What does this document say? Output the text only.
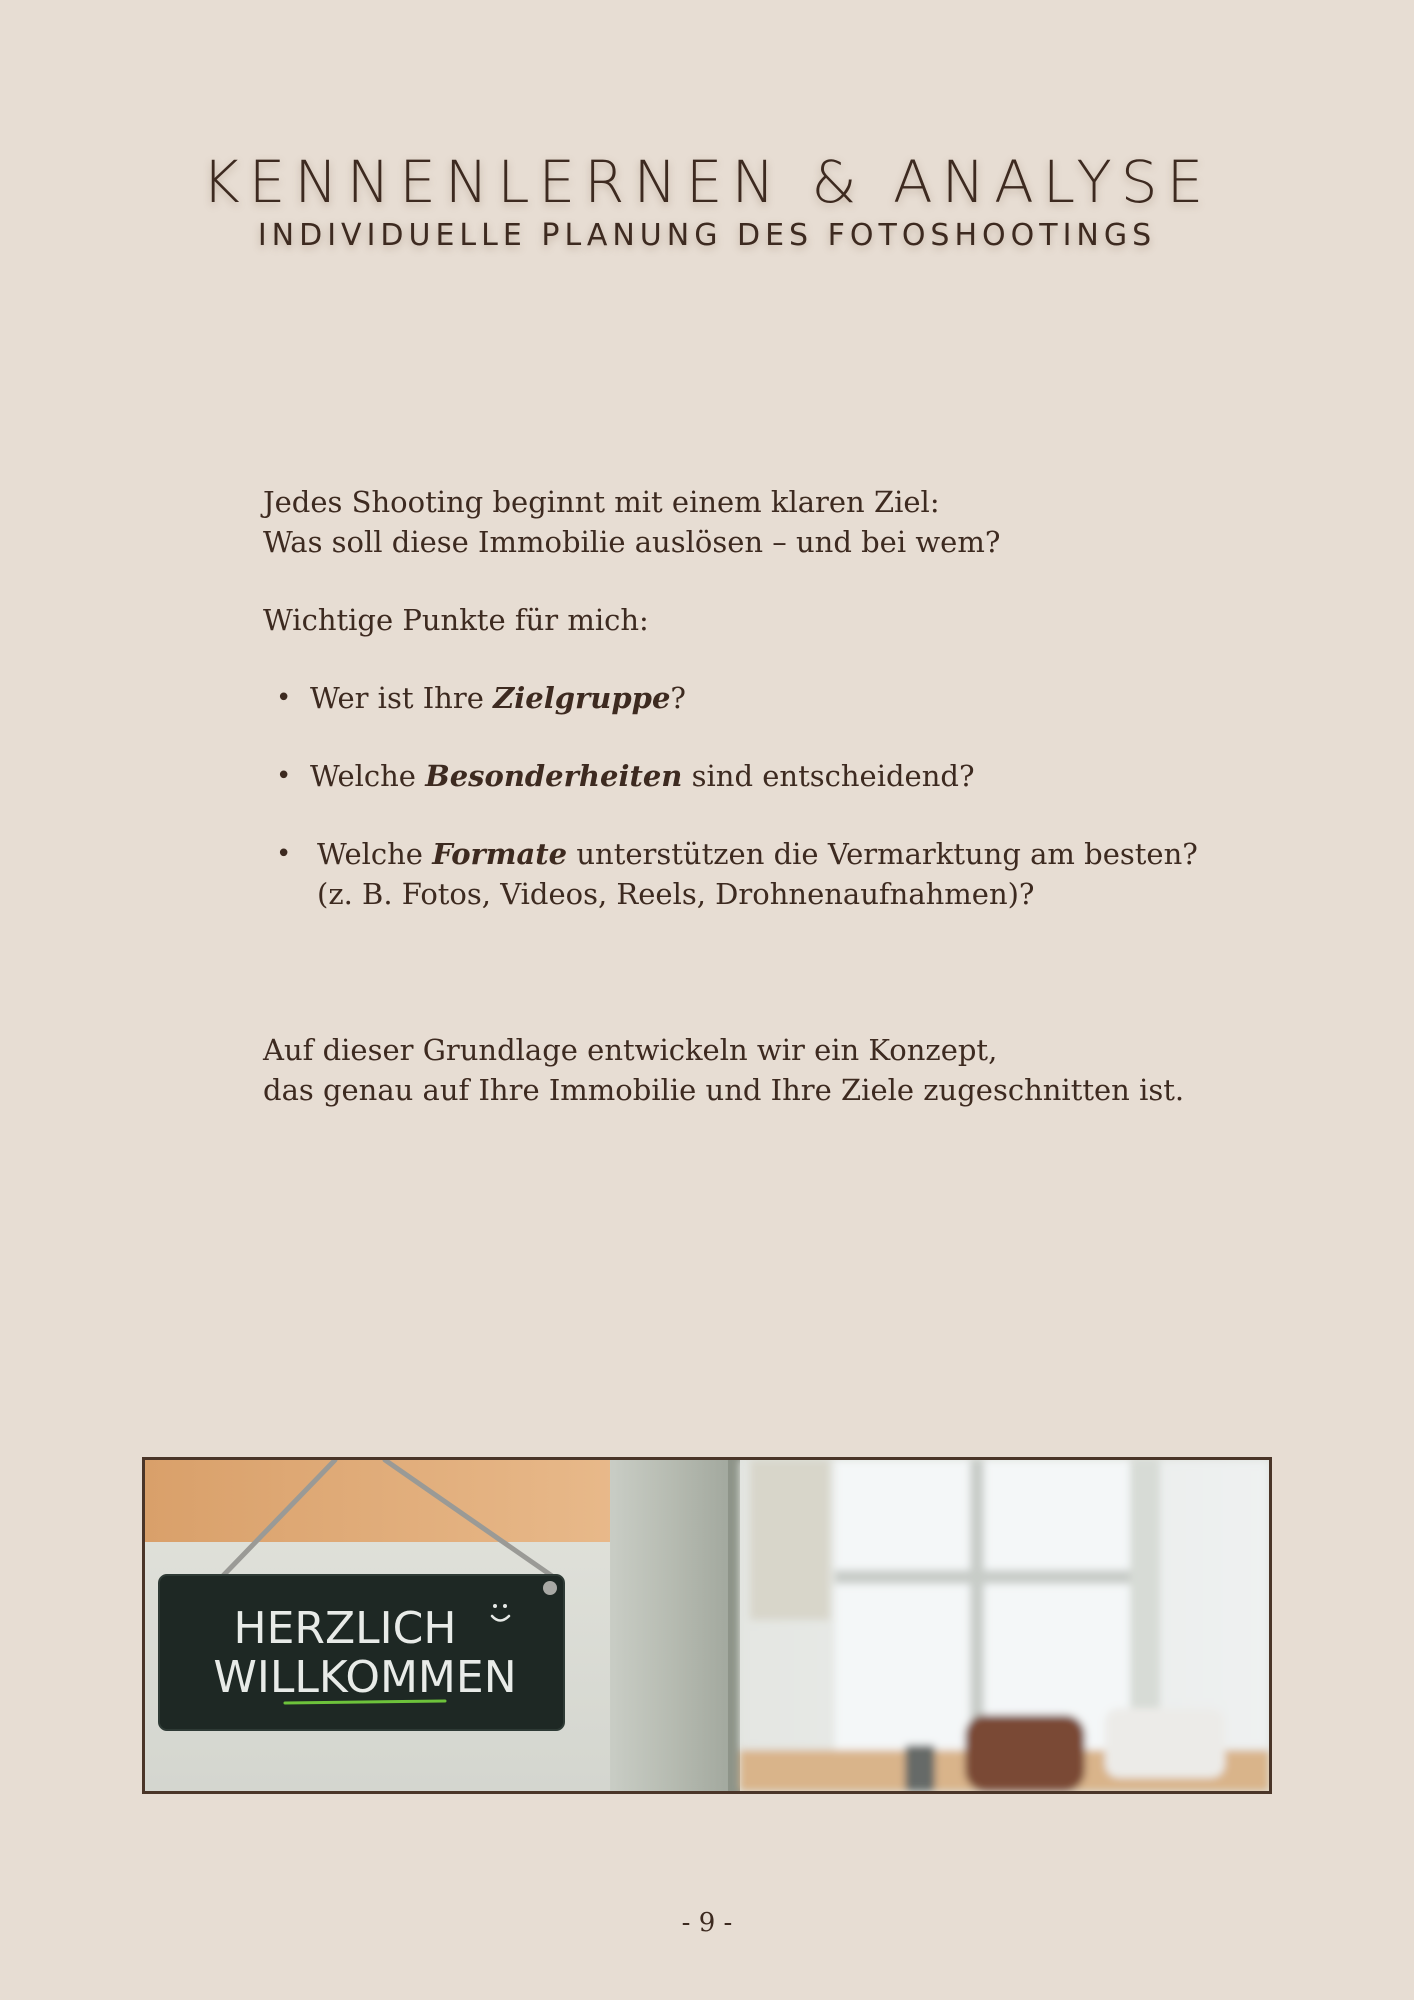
KENNENLERNEN & ANALYSE
INDIVIDUELLE PLANUNG DES FOTOSHOOTINGS
Jedes Shooting beginnt mit einem klaren Ziel:
Was soll diese Immobilie auslösen – und bei wem?
Wichtige Punkte für mich:
• Wer ist Ihre Zielgruppe?
• Welche Besonderheiten sind entscheidend?
• Welche Formate unterstützen die Vermarktung am besten?
(z. B. Fotos, Videos, Reels, Drohnenaufnahmen)?
Auf dieser Grundlage entwickeln wir ein Konzept,
das genau auf Ihre Immobilie und Ihre Ziele zugeschnitten ist.
HERZLICH
WILLKOMMEN
- 9 -
